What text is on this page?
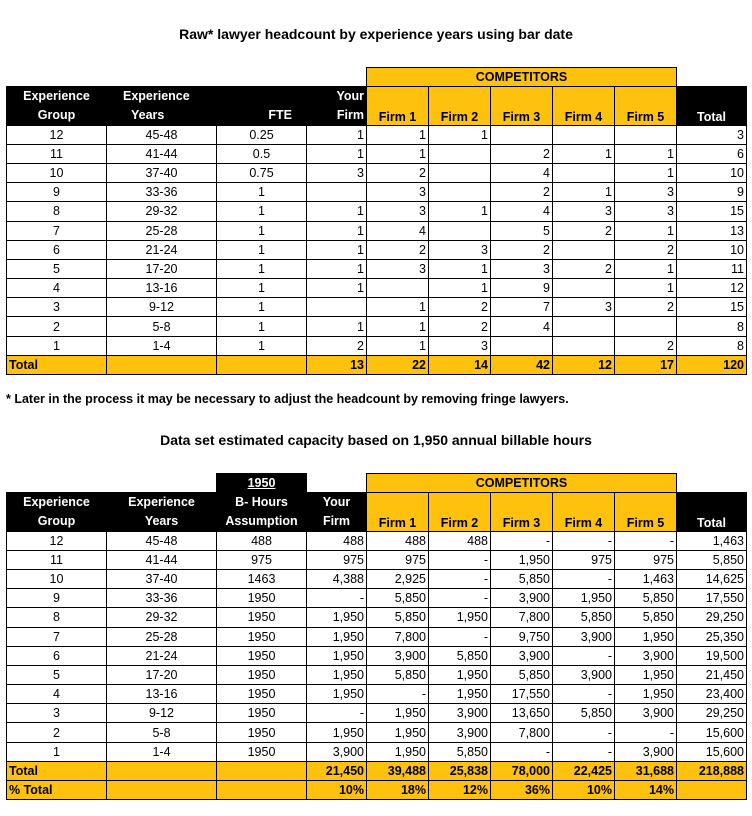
Raw* lawyer headcount by experience years using bar date
				COMPETITORS					
Experience	Experience		Your	Firm 1	Firm 2	Firm 3	Firm 4	Firm 5	Total
Group	Years	FTE	Firm						
12	45-48	0.25	1	1	1				3
11	41-44	0.5	1	1		2	1	1	6
10	37-40	0.75	3	2		4		1	10
9	33-36	1		3		2	1	3	9
8	29-32	1	1	3	1	4	3	3	15
7	25-28	1	1	4		5	2	1	13
6	21-24	1	1	2	3	2		2	10
5	17-20	1	1	3	1	3	2	1	11
4	13-16	1	1		1	9		1	12
3	9-12	1		1	2	7	3	2	15
2	5-8	1	1	1	2	4			8
1	1-4	1	2	1	3			2	8
Total			13	22	14	42	12	17	120
* Later in the process it may be necessary to adjust the headcount by removing fringe lawyers.
Data set estimated capacity based on 1,950 annual billable hours
		1950		COMPETITORS					
Experience	Experience	B- Hours	Your	Firm 1	Firm 2	Firm 3	Firm 4	Firm 5	Total
Group	Years	Assumption	Firm						
12	45-48	488	488	488	488	-	-	-	1,463
11	41-44	975	975	975	-	1,950	975	975	5,850
10	37-40	1463	4,388	2,925	-	5,850	-	1,463	14,625
9	33-36	1950	-	5,850	-	3,900	1,950	5,850	17,550
8	29-32	1950	1,950	5,850	1,950	7,800	5,850	5,850	29,250
7	25-28	1950	1,950	7,800	-	9,750	3,900	1,950	25,350
6	21-24	1950	1,950	3,900	5,850	3,900	-	3,900	19,500
5	17-20	1950	1,950	5,850	1,950	5,850	3,900	1,950	21,450
4	13-16	1950	1,950	-	1,950	17,550	-	1,950	23,400
3	9-12	1950	-	1,950	3,900	13,650	5,850	3,900	29,250
2	5-8	1950	1,950	1,950	3,900	7,800	-	-	15,600
1	1-4	1950	3,900	1,950	5,850	-	-	3,900	15,600
Total			21,450	39,488	25,838	78,000	22,425	31,688	218,888
% Total			10%	18%	12%	36%	10%	14%	
